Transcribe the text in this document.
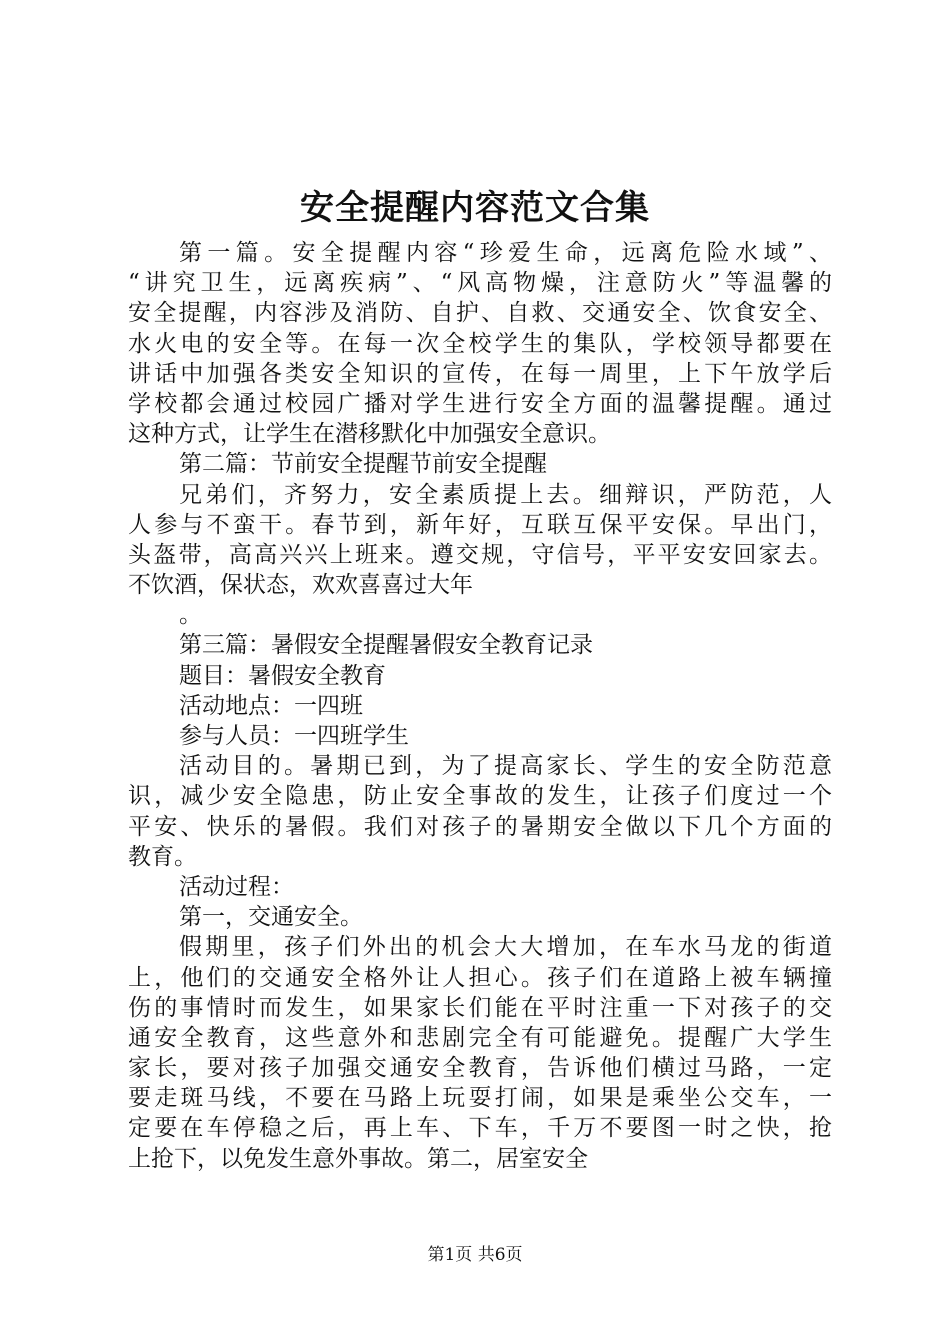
安全提醒内容范文合集
第一篇。安全提醒内容“珍爱生命，远离危险水域”、
“讲究卫生，远离疾病”、“风高物燥，注意防火”等温馨的
安全提醒，内容涉及消防、自护、自救、交通安全、饮食安全、
水火电的安全等。在每一次全校学生的集队，学校领导都要在
讲话中加强各类安全知识的宣传，在每一周里，上下午放学后
学校都会通过校园广播对学生进行安全方面的温馨提醒。通过
这种方式，让学生在潜移默化中加强安全意识。
第二篇：节前安全提醒节前安全提醒
兄弟们，齐努力，安全素质提上去。细辩识，严防范，人
人参与不蛮干。春节到，新年好，互联互保平安保。早出门，
头盔带，高高兴兴上班来。遵交规，守信号，平平安安回家去。
不饮酒，保状态，欢欢喜喜过大年
。
第三篇：暑假安全提醒暑假安全教育记录
题目：暑假安全教育
活动地点：一四班
参与人员：一四班学生
活动目的。暑期已到，为了提高家长、学生的安全防范意
识，减少安全隐患，防止安全事故的发生，让孩子们度过一个
平安、快乐的暑假。我们对孩子的暑期安全做以下几个方面的
教育。
活动过程：
第一，交通安全。
假期里，孩子们外出的机会大大增加，在车水马龙的街道
上，他们的交通安全格外让人担心。孩子们在道路上被车辆撞
伤的事情时而发生，如果家长们能在平时注重一下对孩子的交
通安全教育，这些意外和悲剧完全有可能避免。提醒广大学生
家长，要对孩子加强交通安全教育，告诉他们横过马路，一定
要走斑马线，不要在马路上玩耍打闹，如果是乘坐公交车，一
定要在车停稳之后，再上车、下车，千万不要图一时之快，抢
上抢下，以免发生意外事故。第二，居室安全
第1页 共6页
